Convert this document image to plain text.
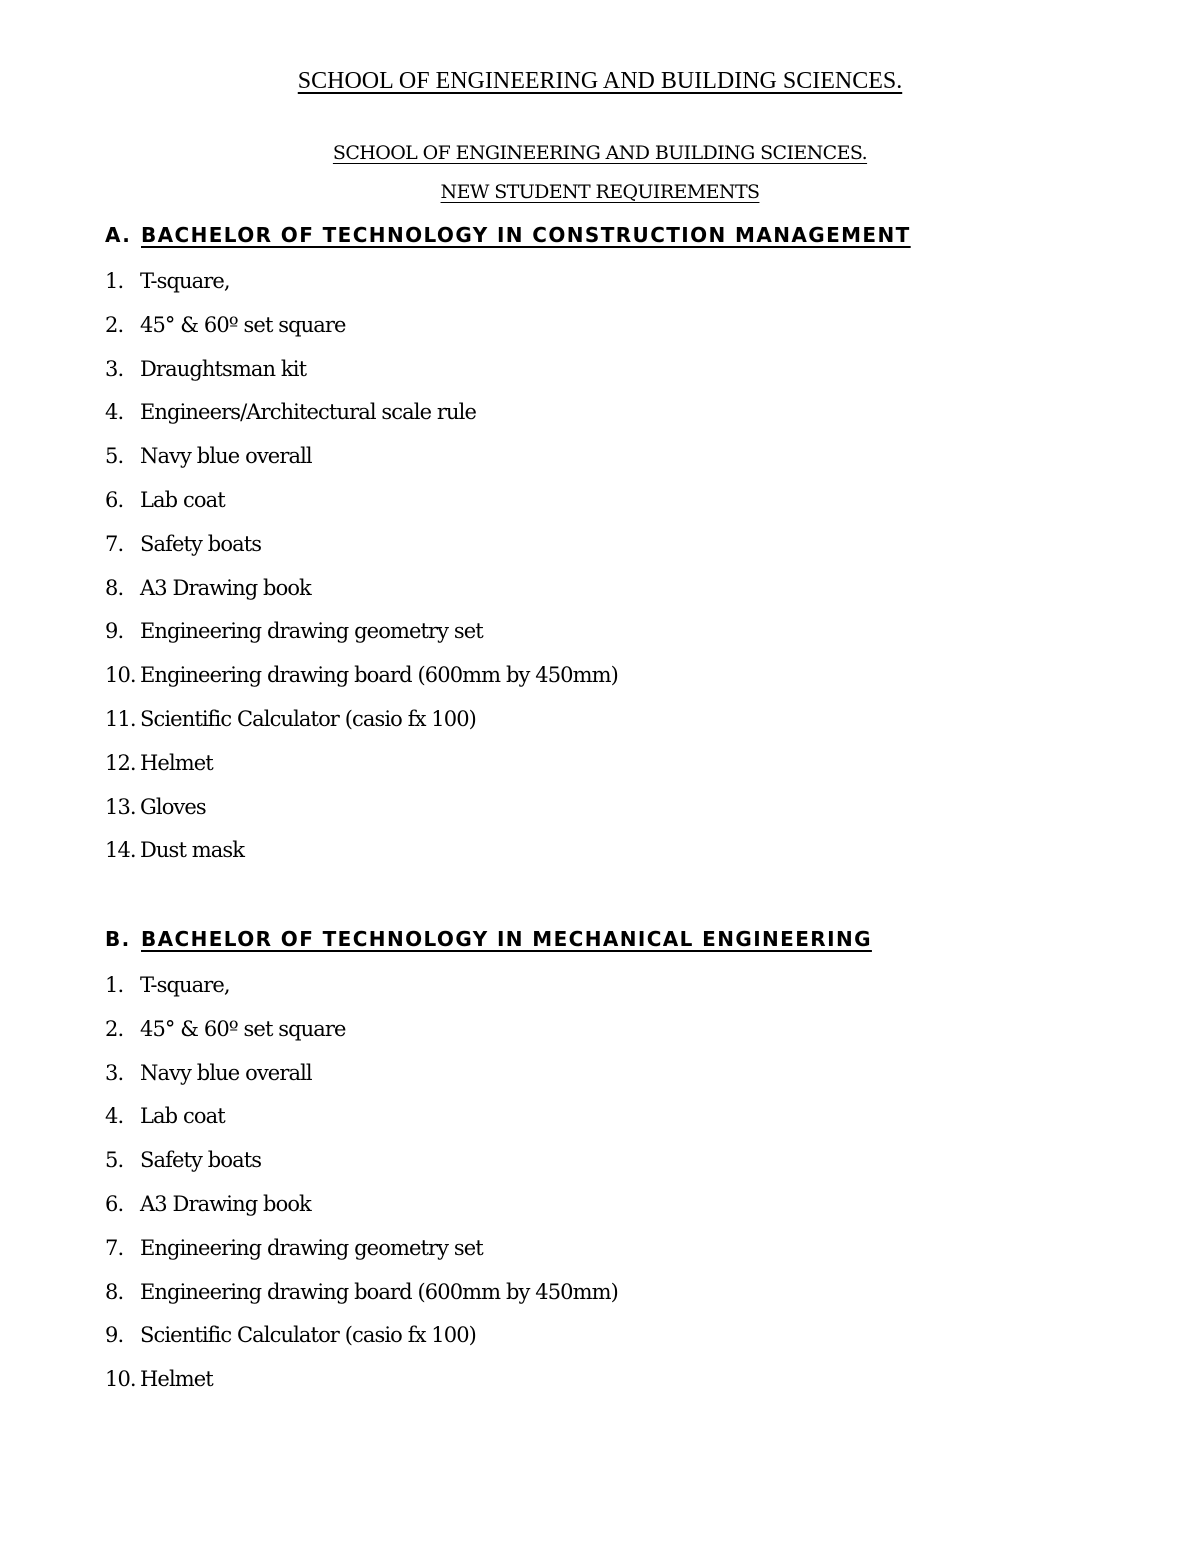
SCHOOL OF ENGINEERING AND BUILDING SCIENCES.
SCHOOL OF ENGINEERING AND BUILDING SCIENCES.
NEW STUDENT REQUIREMENTS
A. BACHELOR OF TECHNOLOGY IN CONSTRUCTION MANAGEMENT
1. T-square,
2. 45° & 60º set square
3. Draughtsman kit
4. Engineers/Architectural scale rule
5. Navy blue overall
6. Lab coat
7. Safety boats
8. A3 Drawing book
9. Engineering drawing geometry set
10. Engineering drawing board (600mm by 450mm)
11. Scientific Calculator (casio fx 100)
12. Helmet
13. Gloves
14. Dust mask
B. BACHELOR OF TECHNOLOGY IN MECHANICAL ENGINEERING
1. T-square,
2. 45° & 60º set square
3. Navy blue overall
4. Lab coat
5. Safety boats
6. A3 Drawing book
7. Engineering drawing geometry set
8. Engineering drawing board (600mm by 450mm)
9. Scientific Calculator (casio fx 100)
10. Helmet
